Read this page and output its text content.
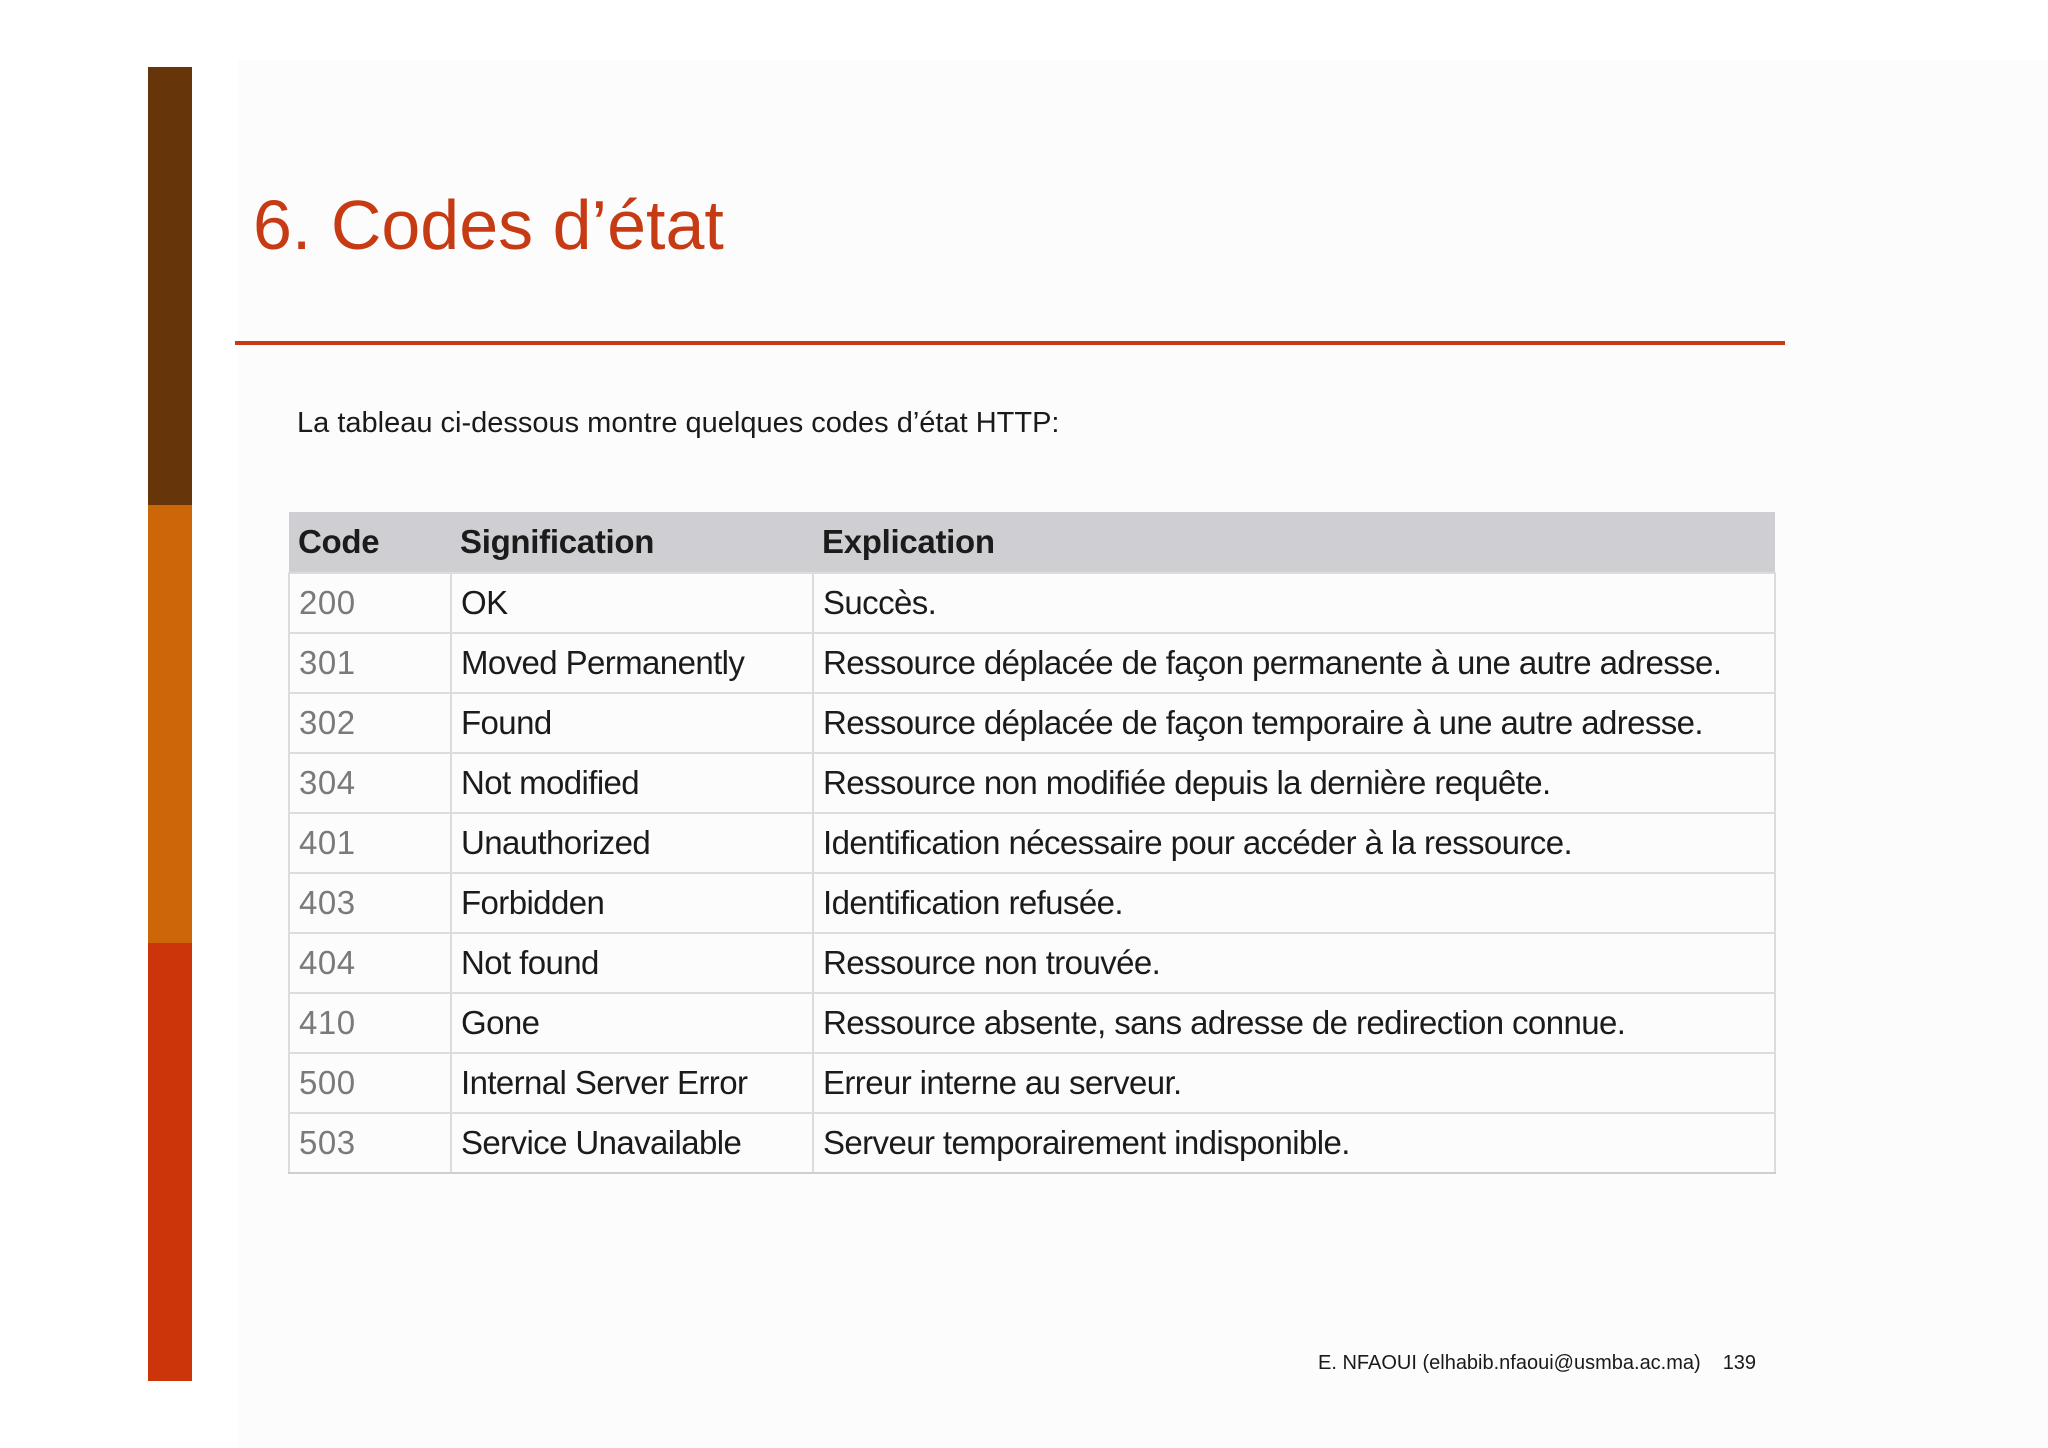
6. Codes d’état
La tableau ci-dessous montre quelques codes d’état HTTP:
Code	Signification	Explication
200	OK	Succès.
301	Moved Permanently	Ressource déplacée de façon permanente à une autre adresse.
302	Found	Ressource déplacée de façon temporaire à une autre adresse.
304	Not modified	Ressource non modifiée depuis la dernière requête.
401	Unauthorized	Identification nécessaire pour accéder à la ressource.
403	Forbidden	Identification refusée.
404	Not found	Ressource non trouvée.
410	Gone	Ressource absente, sans adresse de redirection connue.
500	Internal Server Error	Erreur interne au serveur.
503	Service Unavailable	Serveur temporairement indisponible.
E. NFAOUI (elhabib.nfaoui@usmba.ac.ma) 139
